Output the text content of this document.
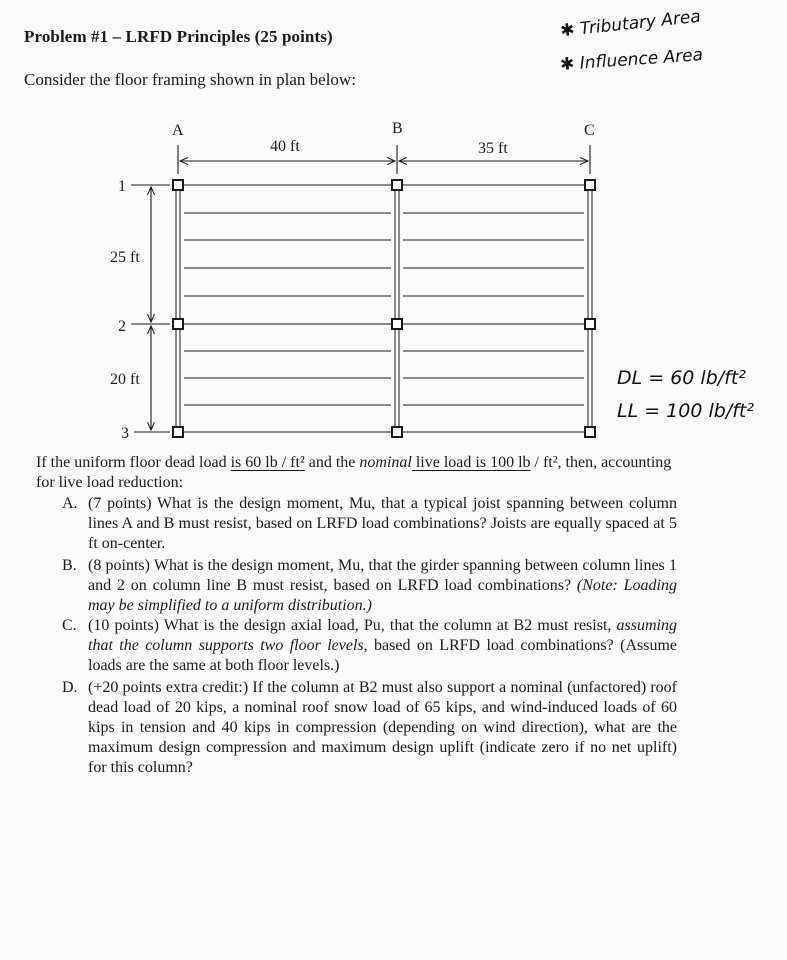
Problem #1 – LRFD Principles (25 points)
Consider the floor framing shown in plan below:
✱ Tributary Area
✱ Influence Area
DL = 60 lb/ft²
LL = 100 lb/ft²
A	B	C
40 ft	35 ft
1
2
3
25 ft
20 ft
If the uniform floor dead load is 60 lb / ft² and the nominal live load is 100 lb / ft², then, accounting for live load reduction:
A. (7 points) What is the design moment, Mu, that a typical joist spanning between column lines A and B must resist, based on LRFD load combinations? Joists are equally spaced at 5 ft on-center.
B. (8 points) What is the design moment, Mu, that the girder spanning between column lines 1 and 2 on column line B must resist, based on LRFD load combinations? (Note: Loading may be simplified to a uniform distribution.)
C. (10 points) What is the design axial load, Pu, that the column at B2 must resist, assuming that the column supports two floor levels, based on LRFD load combinations? (Assume loads are the same at both floor levels.)
D. (+20 points extra credit:) If the column at B2 must also support a nominal (unfactored) roof dead load of 20 kips, a nominal roof snow load of 65 kips, and wind-induced loads of 60 kips in tension and 40 kips in compression (depending on wind direction), what are the maximum design compression and maximum design uplift (indicate zero if no net uplift) for this column?
